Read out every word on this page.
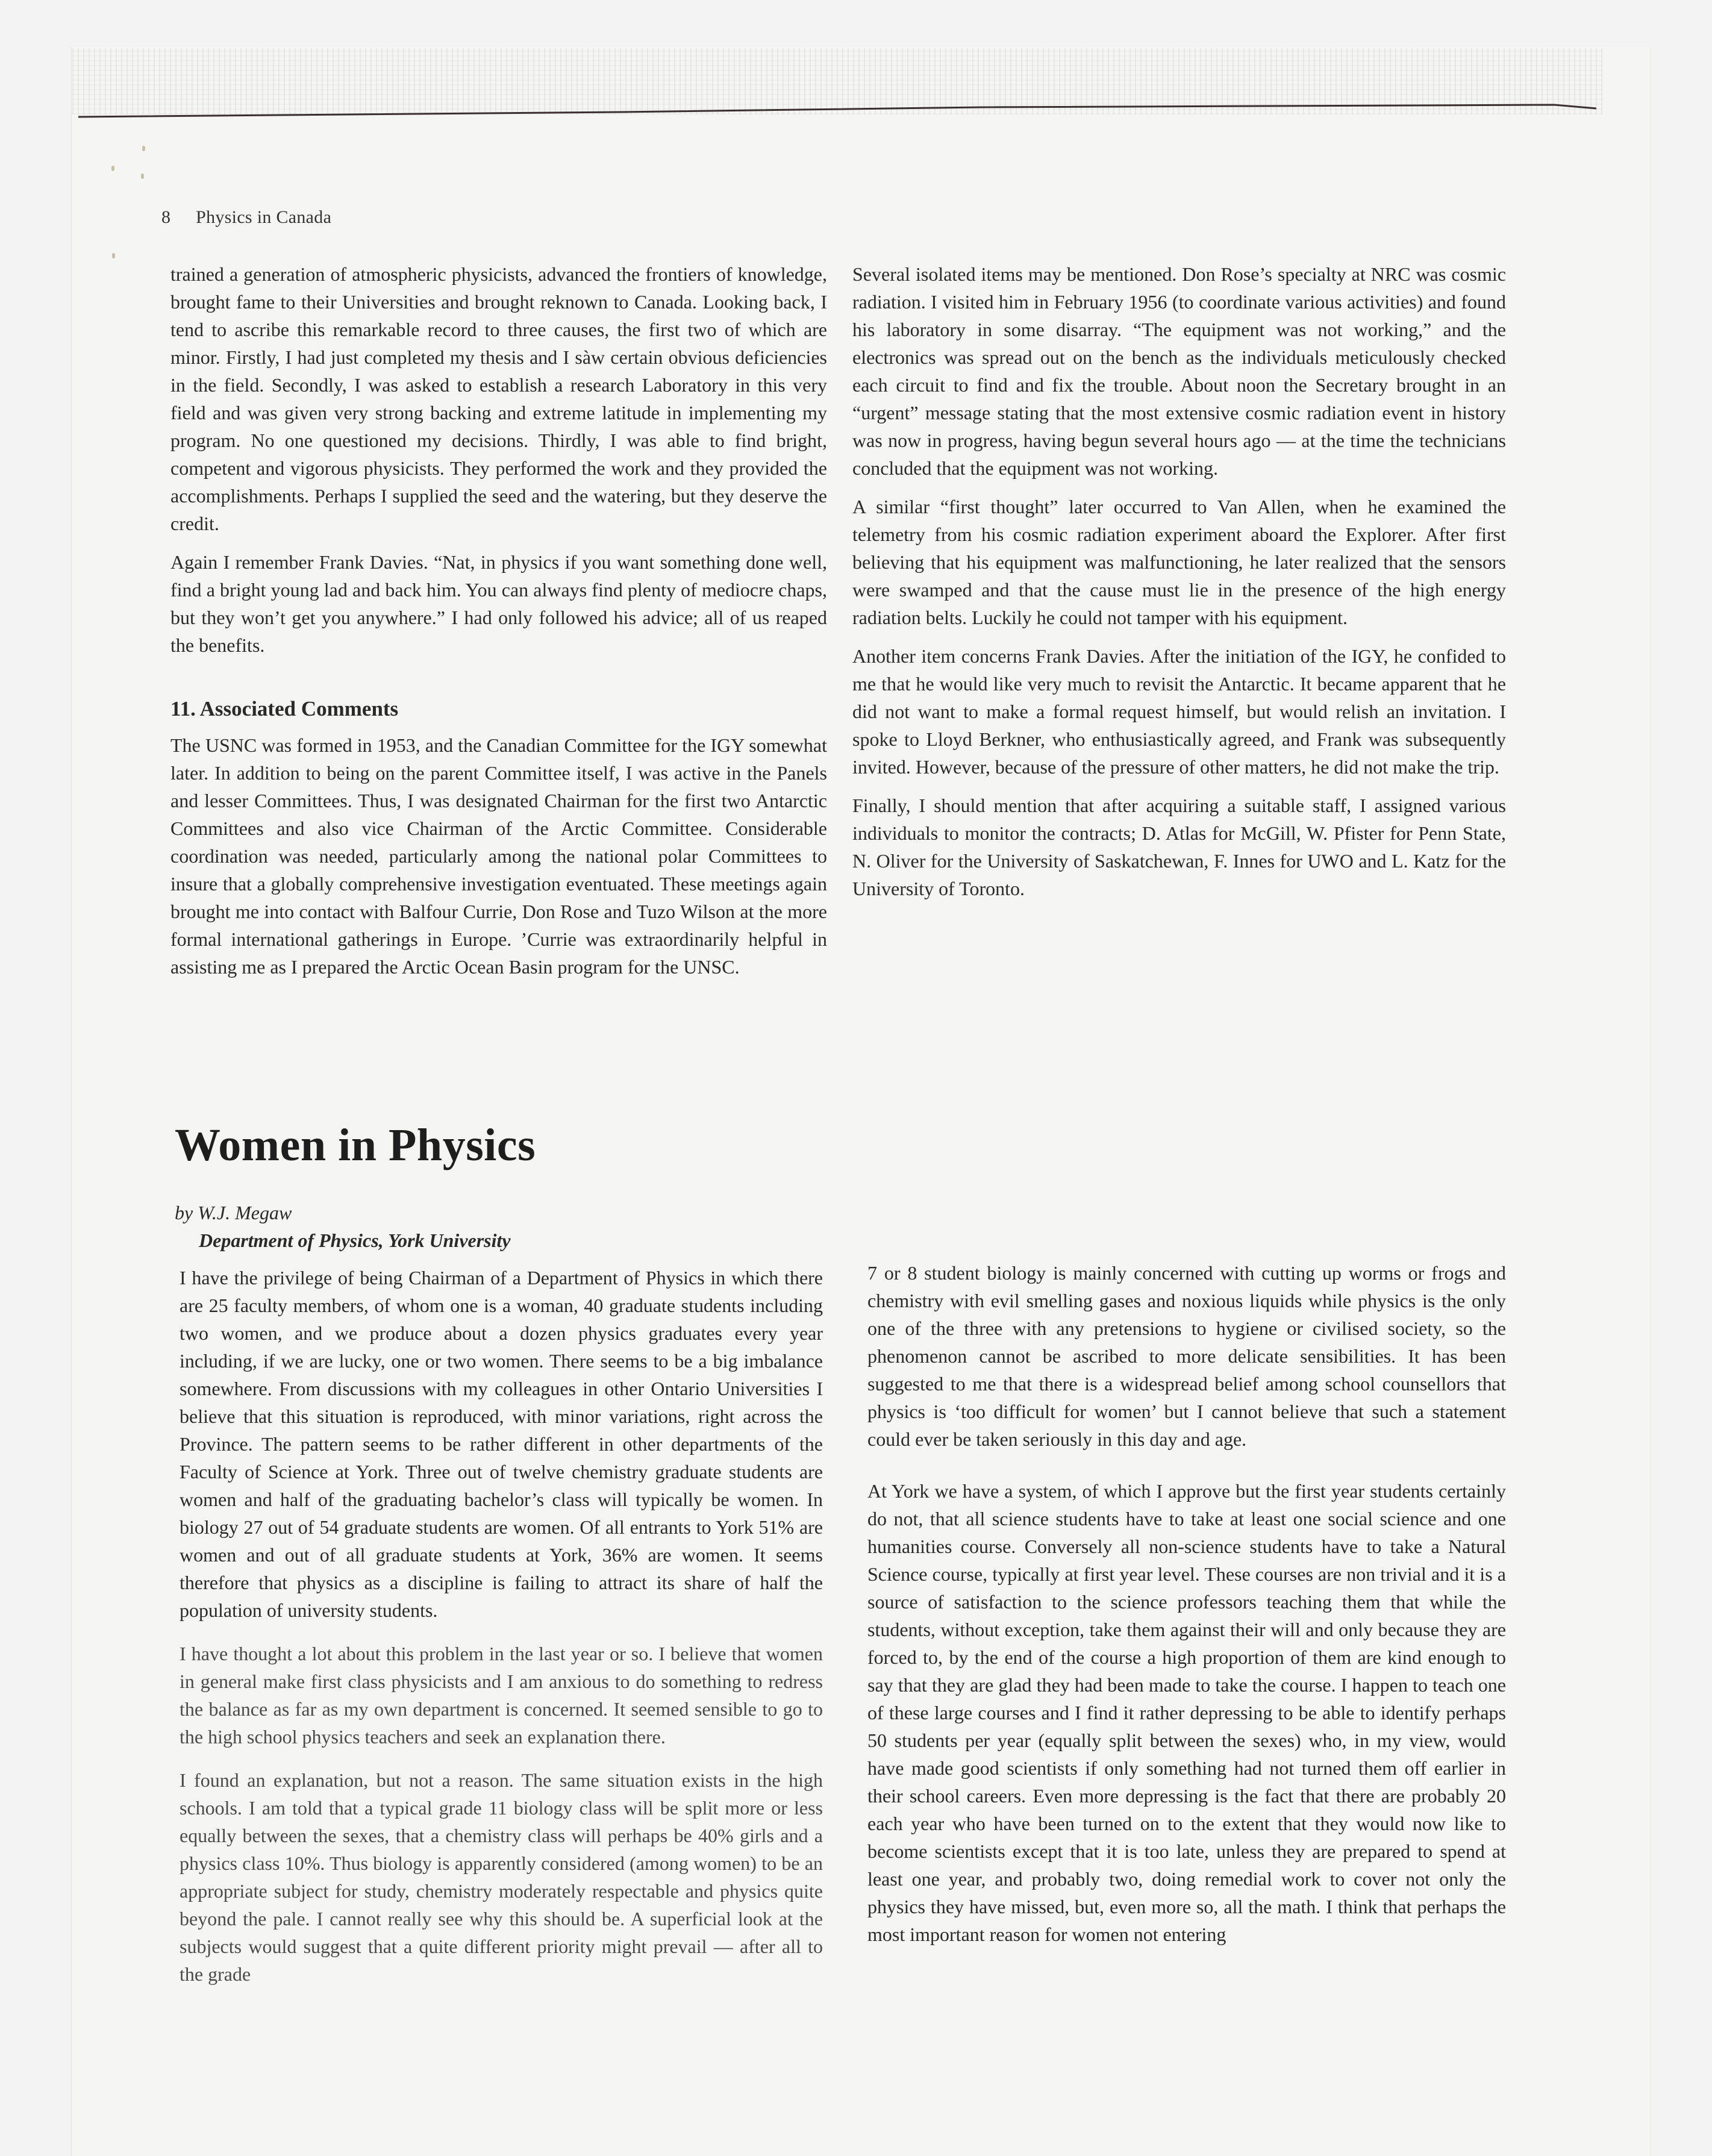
8 Physics in Canada

trained a generation of atmospheric physicists, advanced the frontiers of knowledge, brought fame to their Universities and brought reknown to Canada. Looking back, I tend to ascribe this remarkable record to three causes, the first two of which are minor. Firstly, I had just completed my thesis and I sàw certain obvious deficiencies in the field. Secondly, I was asked to establish a research Laboratory in this very field and was given very strong backing and extreme latitude in implementing my program. No one questioned my decisions. Thirdly, I was able to find bright, competent and vigorous physicists. They performed the work and they provided the accomplishments. Perhaps I supplied the seed and the watering, but they deserve the credit.

Again I remember Frank Davies. “Nat, in physics if you want something done well, find a bright young lad and back him. You can always find plenty of mediocre chaps, but they won’t get you anywhere.” I had only followed his advice; all of us reaped the benefits.

11. Associated Comments

The USNC was formed in 1953, and the Canadian Committee for the IGY somewhat later. In addition to being on the parent Committee itself, I was active in the Panels and lesser Committees. Thus, I was designated Chairman for the first two Antarctic Committees and also vice Chairman of the Arctic Committee. Considerable coordination was needed, particularly among the national polar Committees to insure that a globally comprehensive investigation eventuated. These meetings again brought me into contact with Balfour Currie, Don Rose and Tuzo Wilson at the more formal international gatherings in Europe. ’Currie was extraordinarily helpful in assisting me as I prepared the Arctic Ocean Basin program for the UNSC.

Several isolated items may be mentioned. Don Rose’s specialty at NRC was cosmic radiation. I visited him in February 1956 (to coordinate various activities) and found his laboratory in some disarray. “The equipment was not working,” and the electronics was spread out on the bench as the individuals meticulously checked each circuit to find and fix the trouble. About noon the Secretary brought in an “urgent” message stating that the most extensive cosmic radiation event in history was now in progress, having begun several hours ago — at the time the technicians concluded that the equipment was not working.

A similar “first thought” later occurred to Van Allen, when he examined the telemetry from his cosmic radiation experiment aboard the Explorer. After first believing that his equipment was malfunctioning, he later realized that the sensors were swamped and that the cause must lie in the presence of the high energy radiation belts. Luckily he could not tamper with his equipment.

Another item concerns Frank Davies. After the initiation of the IGY, he confided to me that he would like very much to revisit the Antarctic. It became apparent that he did not want to make a formal request himself, but would relish an invitation. I spoke to Lloyd Berkner, who enthusiastically agreed, and Frank was subsequently invited. However, because of the pressure of other matters, he did not make the trip.

Finally, I should mention that after acquiring a suitable staff, I assigned various individuals to monitor the contracts; D. Atlas for McGill, W. Pfister for Penn State, N. Oliver for the University of Saskatchewan, F. Innes for UWO and L. Katz for the University of Toronto.

Women in Physics
by W.J. Megaw
Department of Physics, York University

I have the privilege of being Chairman of a Department of Physics in which there are 25 faculty members, of whom one is a woman, 40 graduate students including two women, and we produce about a dozen physics graduates every year including, if we are lucky, one or two women. There seems to be a big imbalance somewhere. From discussions with my colleagues in other Ontario Universities I believe that this situation is reproduced, with minor variations, right across the Province. The pattern seems to be rather different in other departments of the Faculty of Science at York. Three out of twelve chemistry graduate students are women and half of the graduating bachelor’s class will typically be women. In biology 27 out of 54 graduate students are women. Of all entrants to York 51% are women and out of all graduate students at York, 36% are women. It seems therefore that physics as a discipline is failing to attract its share of half the population of university students.

I have thought a lot about this problem in the last year or so. I believe that women in general make first class physicists and I am anxious to do something to redress the balance as far as my own department is concerned. It seemed sensible to go to the high school physics teachers and seek an explanation there.

I found an explanation, but not a reason. The same situation exists in the high schools. I am told that a typical grade 11 biology class will be split more or less equally between the sexes, that a chemistry class will perhaps be 40% girls and a physics class 10%. Thus biology is apparently considered (among women) to be an appropriate subject for study, chemistry moderately respectable and physics quite beyond the pale. I cannot really see why this should be. A superficial look at the subjects would suggest that a quite different priority might prevail — after all to the grade

7 or 8 student biology is mainly concerned with cutting up worms or frogs and chemistry with evil smelling gases and noxious liquids while physics is the only one of the three with any pretensions to hygiene or civilised society, so the phenomenon cannot be ascribed to more delicate sensibilities. It has been suggested to me that there is a widespread belief among school counsellors that physics is ‘too difficult for women’ but I cannot believe that such a statement could ever be taken seriously in this day and age.

At York we have a system, of which I approve but the first year students certainly do not, that all science students have to take at least one social science and one humanities course. Conversely all non-science students have to take a Natural Science course, typically at first year level. These courses are non trivial and it is a source of satisfaction to the science professors teaching them that while the students, without exception, take them against their will and only because they are forced to, by the end of the course a high proportion of them are kind enough to say that they are glad they had been made to take the course. I happen to teach one of these large courses and I find it rather depressing to be able to identify perhaps 50 students per year (equally split between the sexes) who, in my view, would have made good scientists if only something had not turned them off earlier in their school careers. Even more depressing is the fact that there are probably 20 each year who have been turned on to the extent that they would now like to become scientists except that it is too late, unless they are prepared to spend at least one year, and probably two, doing remedial work to cover not only the physics they have missed, but, even more so, all the math. I think that perhaps the most important reason for women not entering
